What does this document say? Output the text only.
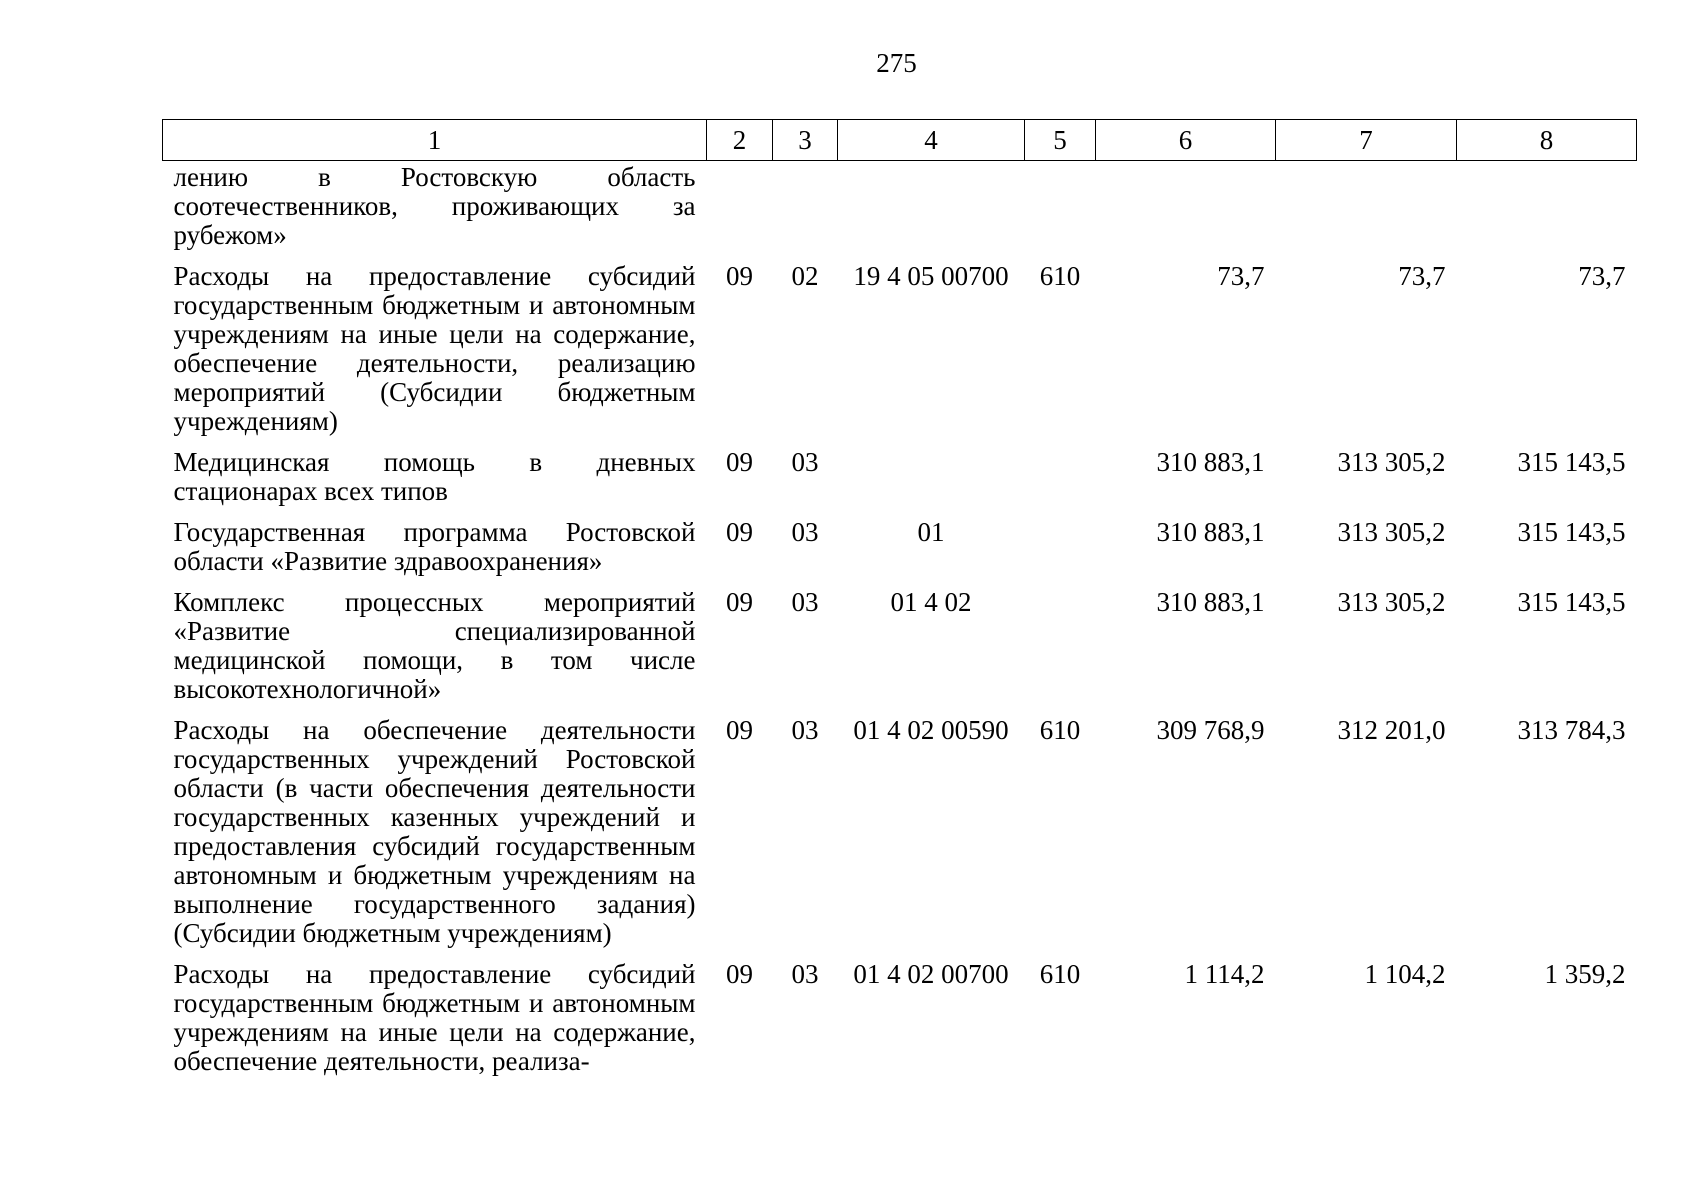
275
1	2	3	4	5	6	7	8
лению в Ростовскую область соотечественников, проживающих за рубежом»							
Расходы на предоставление субсидий государственным бюджетным и автономным учреждениям на иные цели на содержание, обеспечение деятельности, реализацию мероприятий (Субсидии бюджетным учреждениям)	09	02	19 4 05 00700	610	73,7	73,7	73,7
Медицинская помощь в дневных стационарах всех типов	09	03			310 883,1	313 305,2	315 143,5
Государственная программа Ростовской области «Развитие здравоохранения»	09	03	01		310 883,1	313 305,2	315 143,5
Комплекс процессных мероприятий «Развитие специализированной медицинской помощи, в том числе высокотехнологичной»	09	03	01 4 02		310 883,1	313 305,2	315 143,5
Расходы на обеспечение деятельности государственных учреждений Ростовской области (в части обеспечения деятельности государственных казенных учреждений и предоставления субсидий государственным автономным и бюджетным учреждениям на выполнение государственного задания) (Субсидии бюджетным учреждениям)	09	03	01 4 02 00590	610	309 768,9	312 201,0	313 784,3
Расходы на предоставление субсидий государственным бюджетным и автономным учреждениям на иные цели на содержание, обеспечение деятельности, реализа-	09	03	01 4 02 00700	610	1 114,2	1 104,2	1 359,2
